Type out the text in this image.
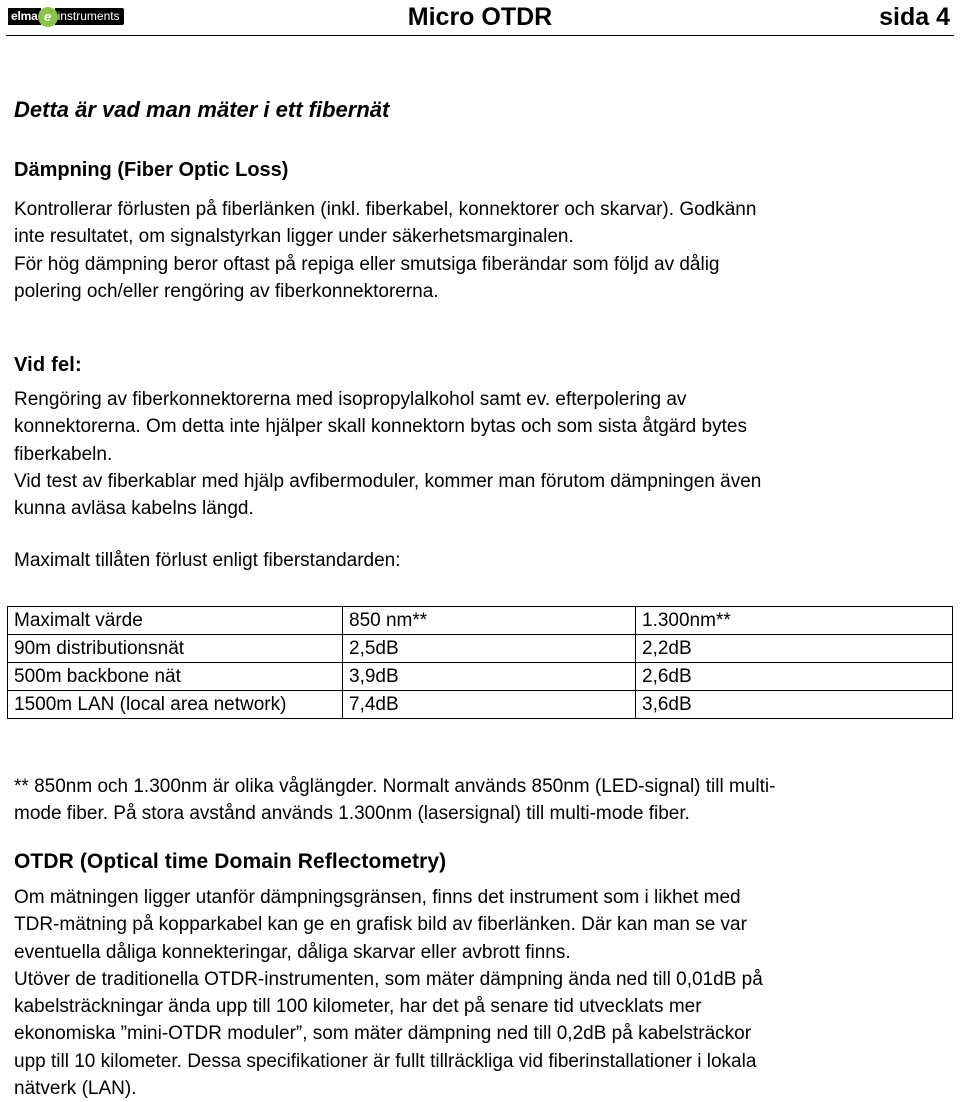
elma e instruments	Micro OTDR	sida 4
Detta är vad man mäter i ett fibernät
Dämpning (Fiber Optic Loss)

Kontrollerar förlusten på fiberlänken (inkl. fiberkabel, konnektorer och skarvar). Godkänn
inte resultatet, om signalstyrkan ligger under säkerhetsmarginalen.
För hög dämpning beror oftast på repiga eller smutsiga fiberändar som följd av dålig
polering och/eller rengöring av fiberkonnektorerna.

Vid fel:

Rengöring av fiberkonnektorerna med isopropylalkohol samt ev. efterpolering av
konnektorerna. Om detta inte hjälper skall konnektorn bytas och som sista åtgärd bytes
fiberkabeln.
Vid test av fiberkablar med hjälp avfibermoduler, kommer man förutom dämpningen även
kunna avläsa kabelns längd.

Maximalt tillåten förlust enligt fiberstandarden:

Maximalt värde	850 nm**	1.300nm**
90m distributionsnät	2,5dB	2,2dB
500m backbone nät	3,9dB	2,6dB
1500m LAN (local area network)	7,4dB	3,6dB

** 850nm och 1.300nm är olika våglängder. Normalt används 850nm (LED-signal) till multi-
mode fiber. På stora avstånd används 1.300nm (lasersignal) till multi-mode fiber.

OTDR (Optical time Domain Reflectometry)

Om mätningen ligger utanför dämpningsgränsen, finns det instrument som i likhet med
TDR-mätning på kopparkabel kan ge en grafisk bild av fiberlänken. Där kan man se var
eventuella dåliga konnekteringar, dåliga skarvar eller avbrott finns.
Utöver de traditionella OTDR-instrumenten, som mäter dämpning ända ned till 0,01dB på
kabelsträckningar ända upp till 100 kilometer, har det på senare tid utvecklats mer
ekonomiska ”mini-OTDR moduler”, som mäter dämpning ned till 0,2dB på kabelsträckor
upp till 10 kilometer. Dessa specifikationer är fullt tillräckliga vid fiberinstallationer i lokala
nätverk (LAN).
